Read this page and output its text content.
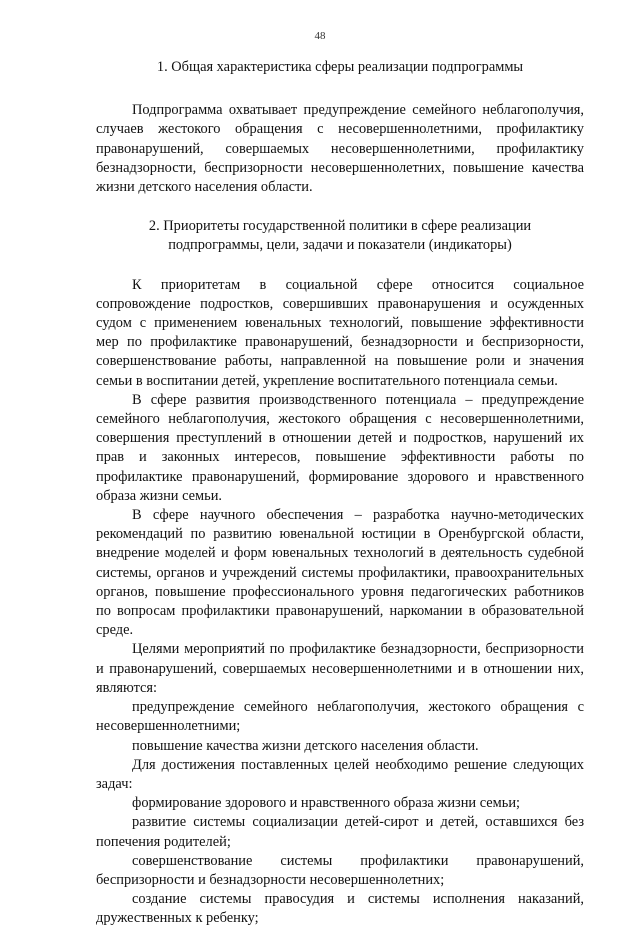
48

1. Общая характеристика сферы реализации подпрограммы

Подпрограмма охватывает предупреждение семейного неблагополучия, случаев жестокого обращения с несовершеннолетними, профилактику правонарушений, совершаемых несовершеннолетними, профилактику безнадзорности, беспризорности несовершеннолетних, повышение качества жизни детского населения области.

2. Приоритеты государственной политики в сфере реализации

подпрограммы, цели, задачи и показатели (индикаторы)

К приоритетам в социальной сфере относится социальное сопровождение подростков, совершивших правонарушения и осужденных судом с применением ювенальных технологий, повышение эффективности мер по профилактике правонарушений, безнадзорности и беспризорности, совершенствование работы, направленной на повышение роли и значения семьи в воспитании детей, укрепление воспитательного потенциала семьи.

В сфере развития производственного потенциала – предупреждение семейного неблагополучия, жестокого обращения с несовершеннолетними, совершения преступлений в отношении детей и подростков, нарушений их прав и законных интересов, повышение эффективности работы по профилактике правонарушений, формирование здорового и нравственного образа жизни семьи.

В сфере научного обеспечения – разработка научно-методических рекомендаций по развитию ювенальной юстиции в Оренбургской области, внедрение моделей и форм ювенальных технологий в деятельность судебной системы, органов и учреждений системы профилактики, правоохранительных органов, повышение профессионального уровня педагогических работников по вопросам профилактики правонарушений, наркомании в образовательной среде.

Целями мероприятий по профилактике безнадзорности, беспризорности и правонарушений, совершаемых несовершеннолетними и в отношении них, являются:

предупреждение семейного неблагополучия, жестокого обращения с несовершеннолетними;

повышение качества жизни детского населения области.

Для достижения поставленных целей необходимо решение следующих задач:

формирование здорового и нравственного образа жизни семьи;

развитие системы социализации детей-сирот и детей, оставшихся без попечения родителей;

совершенствование системы профилактики правонарушений, беспризорности и безнадзорности несовершеннолетних;

создание системы правосудия и системы исполнения наказаний, дружественных к ребенку;
